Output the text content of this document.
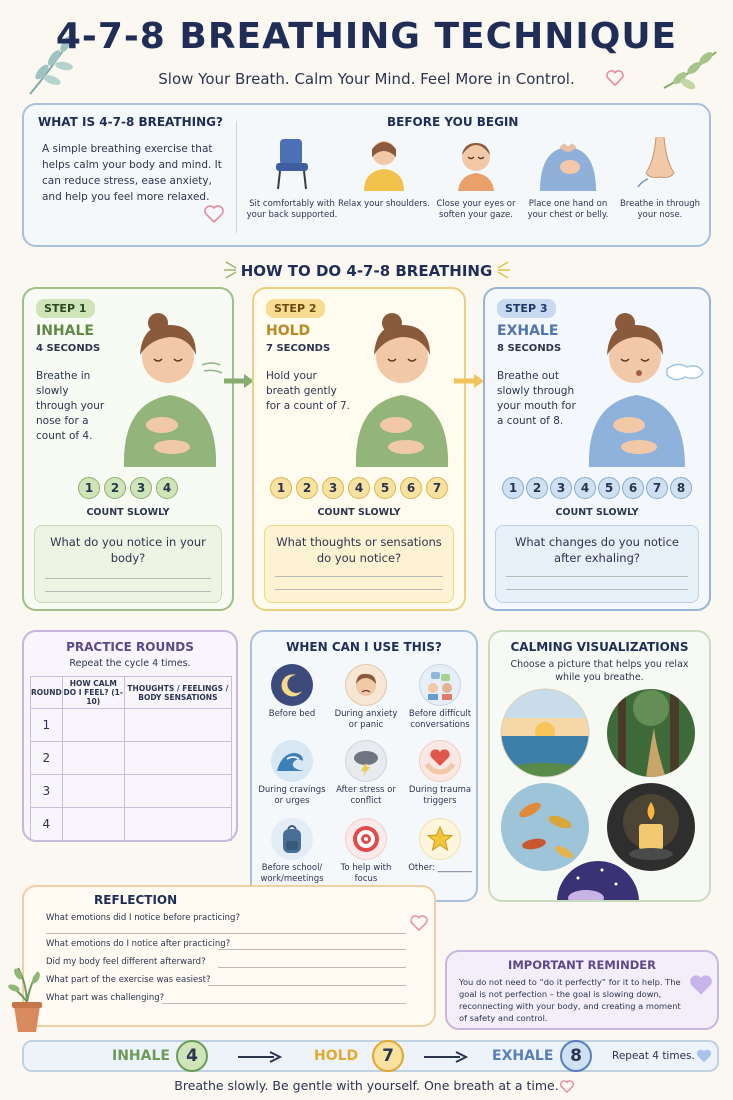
4-7-8 BREATHING TECHNIQUE
Slow Your Breath. Calm Your Mind. Feel More in Control.
WHAT IS 4-7-8 BREATHING?
A simple breathing exercise that helps calm your body and mind. It can reduce stress, ease anxiety, and help you feel more relaxed.
BEFORE YOU BEGIN
Sit comfortably with your back supported.
Relax your shoulders. Close your eyes or soften your gaze.
Place one hand on your chest or belly.
Breathe in through your nose.
HOW TO DO 4-7-8 BREATHING
STEP 1
INHALE
4 SECONDS
Breathe in slowly through your nose for a count of 4.
1 2 3 4
COUNT SLOWLY
What do you notice in your body?
STEP 2
HOLD
7 SECONDS
Hold your breath gently for a count of 7.
1 2 3 4 5 6 7
COUNT SLOWLY
What thoughts or sensations do you notice?
STEP 3
EXHALE
8 SECONDS
Breathe out slowly through your mouth for a count of 8.
1 2 3 4 5 6 7 8
COUNT SLOWLY
What changes do you notice after exhaling?
PRACTICE ROUNDS
Repeat the cycle 4 times.
ROUND	HOW CALM DO I FEEL? (1-10)	THOUGHTS / FEELINGS / BODY SENSATIONS
1		
2		
3		
4		
WHEN CAN I USE THIS?
Before bed	During anxiety or panic
Before difficult conversations
During cravings or urges
After stress or conflict
During trauma triggers
Before school/ work/meetings
To help with focus
Other: ________
CALMING VISUALIZATIONS
Choose a picture that helps you relax while you breathe.
REFLECTION
What emotions did I notice before practicing?
What emotions do I notice after practicing?
Did my body feel different afterward?
What part of the exercise was easiest?
What part was challenging?
IMPORTANT REMINDER
You do not need to “do it perfectly” for it to help. The goal is not perfection – the goal is slowing down, reconnecting with your body, and creating a moment of safety and control.
INHALE 4	HOLD	7	EXHALE 8	Repeat 4 times.
Breathe slowly. Be gentle with yourself. One breath at a time.
